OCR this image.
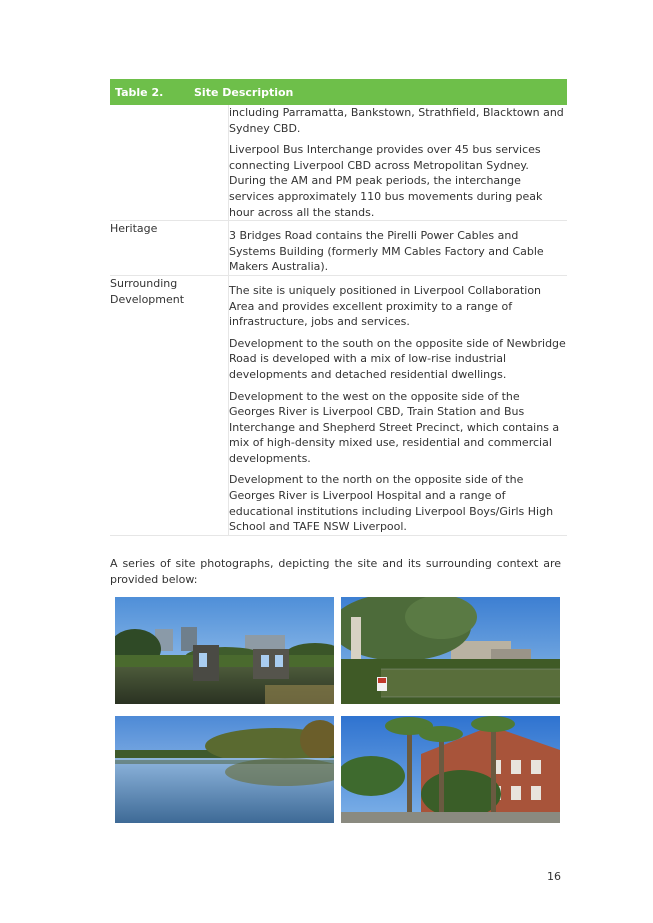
Table 2.	Site Description

	including Parramatta, Bankstown, Strathfield, Blacktown and Sydney CBD.

Liverpool Bus Interchange provides over 45 bus services connecting Liverpool CBD across Metropolitan Sydney. During the AM and PM peak periods, the interchange services approximately 110 bus movements during peak hour across all the stands.

Heritage	3 Bridges Road contains the Pirelli Power Cables and Systems Building (formerly MM Cables Factory and Cable Makers Australia).

Surrounding Development	The site is uniquely positioned in Liverpool Collaboration Area and provides excellent proximity to a range of infrastructure, jobs and services.

Development to the south on the opposite side of Newbridge Road is developed with a mix of low-rise industrial developments and detached residential dwellings.

Development to the west on the opposite side of the Georges River is Liverpool CBD, Train Station and Bus Interchange and Shepherd Street Precinct, which contains a mix of high-density mixed use, residential and commercial developments.

Development to the north on the opposite side of the Georges River is Liverpool Hospital and a range of educational institutions including Liverpool Boys/Girls High School and TAFE NSW Liverpool.

A series of site photographs, depicting the site and its surrounding context are provided below:

16
